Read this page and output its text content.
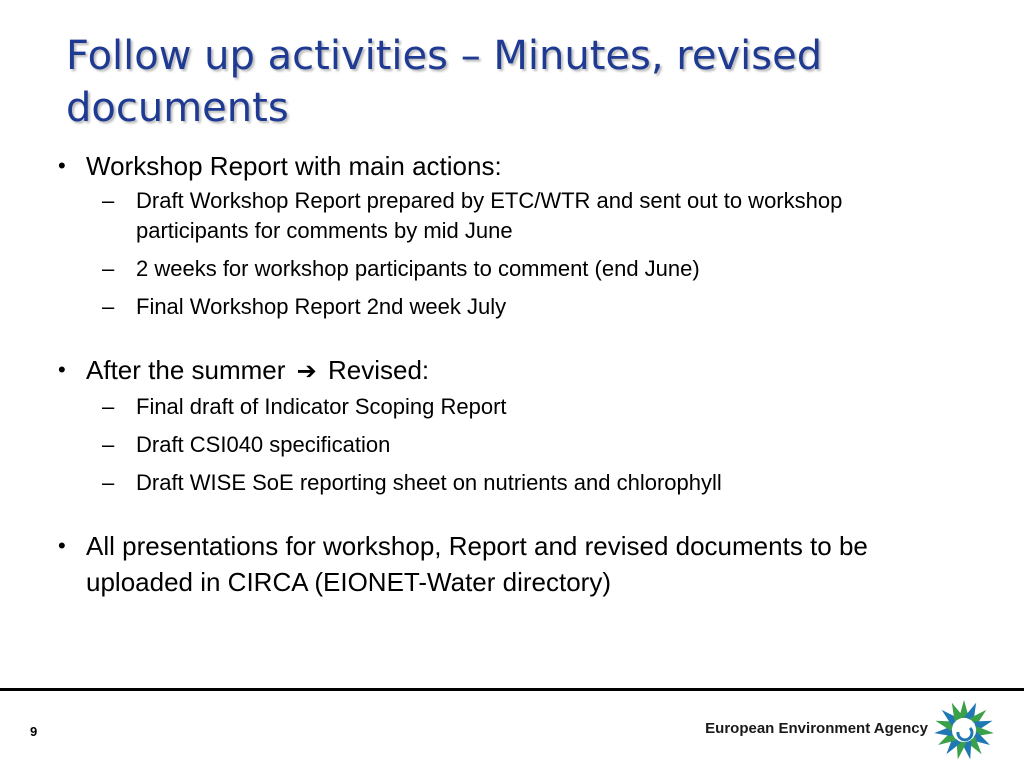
Follow up activities – Minutes, revised documents
• Workshop Report with main actions:
– Draft Workshop Report prepared by ETC/WTR and sent out to workshop participants for comments by mid June
– 2 weeks for workshop participants to comment (end June)
– Final Workshop Report 2nd week July
• After the summer ➔ Revised:
– Final draft of Indicator Scoping Report
– Draft CSI040 specification
– Draft WISE SoE reporting sheet on nutrients and chlorophyll
• All presentations for workshop, Report and revised documents to be uploaded in CIRCA (EIONET-Water directory)
9	European Environment Agency
